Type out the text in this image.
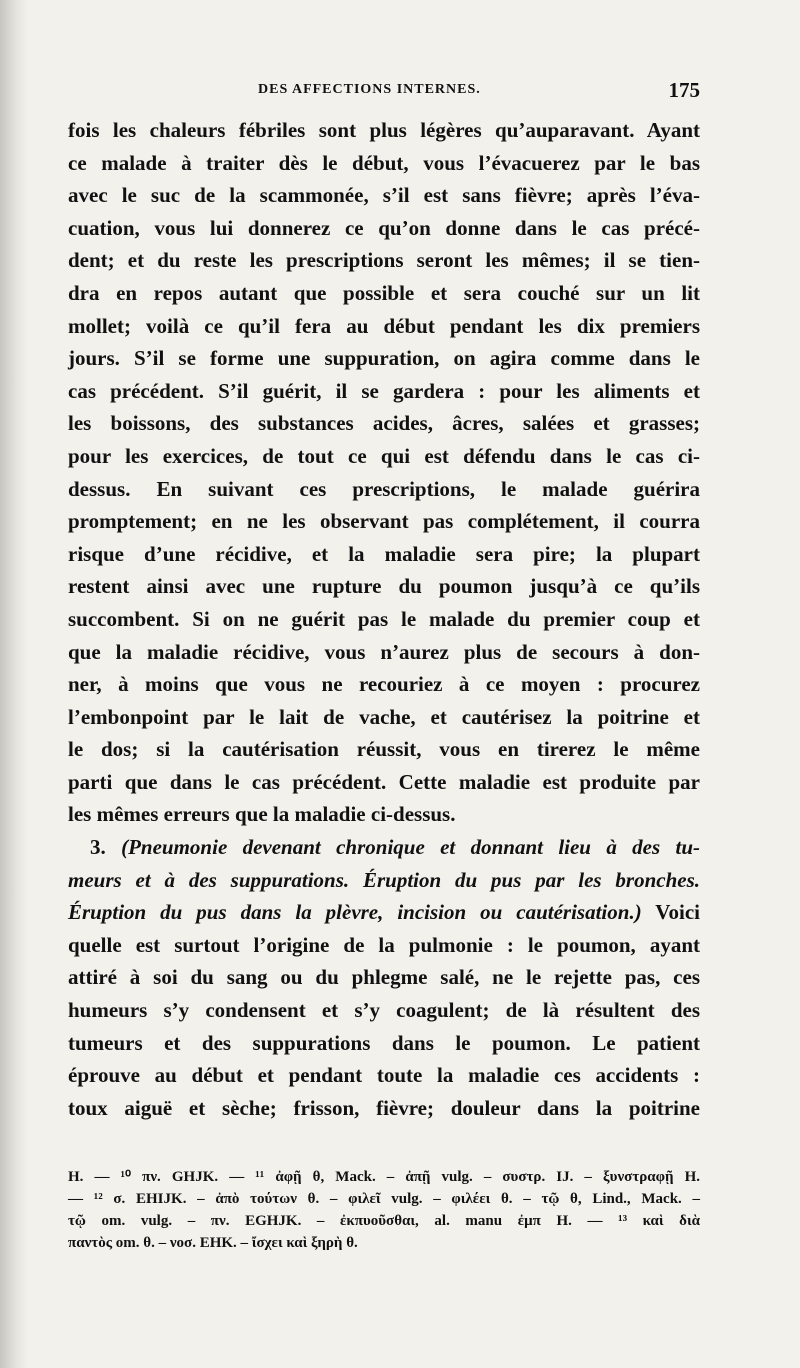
DES AFFECTIONS INTERNES.	175
fois les chaleurs fébriles sont plus légères qu’auparavant. Ayant
ce malade à traiter dès le début, vous l’évacuerez par le bas
avec le suc de la scammonée, s’il est sans fièvre; après l’éva-
cuation, vous lui donnerez ce qu’on donne dans le cas précé-
dent; et du reste les prescriptions seront les mêmes; il se tien-
dra en repos autant que possible et sera couché sur un lit
mollet; voilà ce qu’il fera au début pendant les dix premiers
jours. S’il se forme une suppuration, on agira comme dans le
cas précédent. S’il guérit, il se gardera : pour les aliments et
les boissons, des substances acides, âcres, salées et grasses;
pour les exercices, de tout ce qui est défendu dans le cas ci-
dessus. En suivant ces prescriptions, le malade guérira
promptement; en ne les observant pas complétement, il courra
risque d’une récidive, et la maladie sera pire; la plupart
restent ainsi avec une rupture du poumon jusqu’à ce qu’ils
succombent. Si on ne guérit pas le malade du premier coup et
que la maladie récidive, vous n’aurez plus de secours à don-
ner, à moins que vous ne recouriez à ce moyen : procurez
l’embonpoint par le lait de vache, et cautérisez la poitrine et
le dos; si la cautérisation réussit, vous en tirerez le même
parti que dans le cas précédent. Cette maladie est produite par
les mêmes erreurs que la maladie ci-dessus.
3. (Pneumonie devenant chronique et donnant lieu à des tu-
meurs et à des suppurations. Éruption du pus par les bronches.
Éruption du pus dans la plèvre, incision ou cautérisation.) Voici
quelle est surtout l’origine de la pulmonie : le poumon, ayant
attiré à soi du sang ou du phlegme salé, ne le rejette pas, ces
humeurs s’y condensent et s’y coagulent; de là résultent des
tumeurs et des suppurations dans le poumon. Le patient
éprouve au début et pendant toute la maladie ces accidents :
toux aiguë et sèche; frisson, fièvre; douleur dans la poitrine
H. — ¹⁰ πν. GHJK. — ¹¹ ἀφῇ θ, Mack. – ἀπῇ vulg. – συστρ. IJ. – ξυνστραφῇ H.
— ¹² σ. EHIJK. – ἀπὸ τούτων θ. – φιλεῖ vulg. – φιλέει θ. – τῷ θ, Lind., Mack. –
τῷ om. vulg. – πν. EGHJK. – ἐκπυοῦσθαι, al. manu ἐμπ H. — ¹³ καὶ διὰ
παντὸς om. θ. – νοσ. EHK. – ἴσχει καὶ ξηρὴ θ.
